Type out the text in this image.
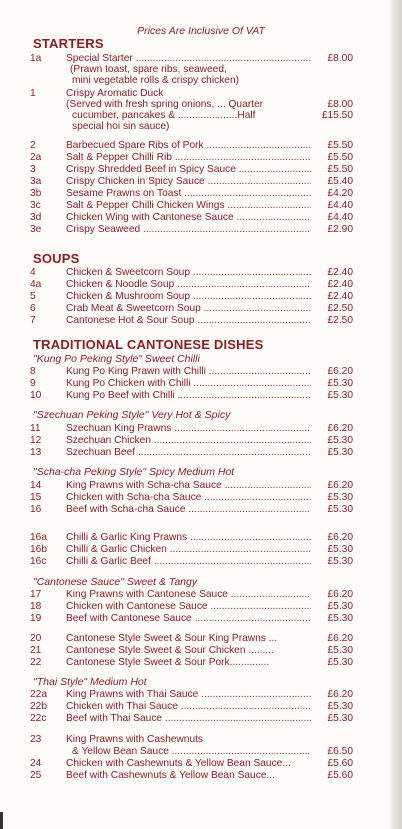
Prices Are Inclusive Of VAT
STARTERS
1a Special Starter .....	£8.00
(Prawn toast, spare ribs, seaweed,
mini vegetable rolls & crispy chicken)
1	Crispy Aromatic Duck
(Served with fresh spring onions, ... Quarter	£8.00
cucumber, pancakes & .....................Half	£15.50
special hoi sin sauce)
2	Barbecued Spare Ribs of Pork .....	£5.50
2a Salt & Pepper Chilli Rib .....	£5.50
3	Crispy Shredded Beef in Spicy Sauce .....	£5.50
3a Crispy Chicken in Spicy Sauce .....	£5.40
3b Sesame Prawns on Toast .....	£4.20
3c Salt & Pepper Chilli Chicken Wings .....	£4.40
3d Chicken Wing with Cantonese Sauce .....	£4.40
3e Crispy Seaweed .....	£2.90
SOUPS
4	Chicken & Sweetcorn Soup .....	£2.40
4a Chicken & Noodle Soup .....	£2.40
5	Chicken & Mushroom Soup .....	£2.40
6	Crab Meat & Sweetcorn Soup .....	£2.50
7	Cantonese Hot & Sour Soup .....	£2.50
TRADITIONAL CANTONESE DISHES
"Kung Po Peking Style" Sweet Chilli
8	Kung Po King Prawn with Chilli .....	£6.20
9	Kung Po Chicken with Chilli .....	£5.30
10 Kung Po Beef with Chilli .....	£5.30
"Szechuan Peking Style" Very Hot & Spicy
11 Szechuan King Prawns .....	£6.20
12 Szechuan Chicken .....	£5.30
13 Szechuan Beef .....	£5.30
"Scha-cha Peking Style" Spicy Medium Hot
14 King Prawns with Scha-cha Sauce .....	£6.20
15 Chicken with Scha-cha Sauce .....	£5.30
16 Beef with Scha-cha Sauce .....	£5.30
16a Chilli & Garlic King Prawns .....	£6.20
16b Chilli & Garlic Chicken .....	£5.30
16c Chilli & Garlic Beef .....	£5.30
"Cantonese Sauce" Sweet & Tangy
17 King Prawns with Cantonese Sauce .....	£6.20
18 Chicken with Cantonese Sauce .....	£5.30
19 Beef with Cantonese Sauce .....	£5.30
20 Cantonese Style Sweet & Sour King Prawns ...	£6.20
21 Cantonese Style Sweet & Sour Chicken .........	£5.30
22 Cantonese Style Sweet & Sour Pork..............	£5.30
"Thai Style" Medium Hot
22a King Prawns with Thai Sauce .....	£6.20
22b Chicken with Thai Sauce .....	£5.30
22c Beef with Thai Sauce .....	£5.30
23 King Prawns with Cashewnuts
& Yellow Bean Sauce .....	£6.50
24 Chicken with Cashewnuts & Yellow Bean Sauce...	£5.60
25 Beef with Cashewnuts & Yellow Bean Sauce...	£5.60
